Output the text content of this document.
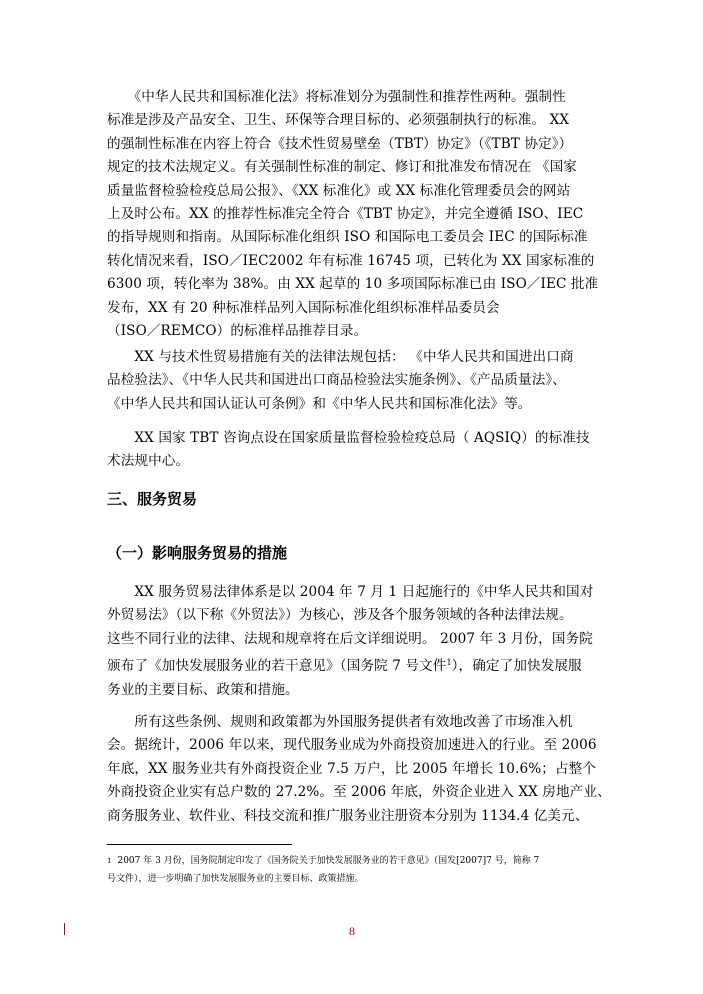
　　《中华人民共和国标准化法》将标准划分为强制性和推荐性两种。强制性
标准是涉及产品安全、卫生、环保等合理目标的、必须强制执行的标准。 XX
的强制性标准在内容上符合《技术性贸易壁垒（TBT）协定》（《TBT 协定》）
规定的技术法规定义。有关强制性标准的制定、修订和批准发布情况在 《国家
质量监督检验检疫总局公报》、《XX 标准化》或 XX 标准化管理委员会的网站
上及时公布。XX 的推荐性标准完全符合《TBT 协定》，并完全遵循 ISO、IEC
的指导规则和指南。从国际标准化组织 ISO 和国际电工委员会 IEC 的国际标准
转化情况来看，ISO／IEC2002 年有标准 16745 项，已转化为 XX 国家标准的
6300 项，转化率为 38%。由 XX 起草的 10 多项国际标准已由 ISO／IEC 批准
发布，XX 有 20 种标准样品列入国际标准化组织标准样品委员会
（ISO／REMCO）的标准样品推荐目录。

　　XX 与技术性贸易措施有关的法律法规包括： 《中华人民共和国进出口商
品检验法》、《中华人民共和国进出口商品检验法实施条例》、《产品质量法》、
《中华人民共和国认证认可条例》和《中华人民共和国标准化法》等。

　　XX 国家 TBT 咨询点设在国家质量监督检验检疫总局（ AQSIQ）的标准技
术法规中心。

三、服务贸易
（一）影响服务贸易的措施

　　XX 服务贸易法律体系是以 2004 年 7 月 1 日起施行的《中华人民共和国对
外贸易法》（以下称《外贸法》）为核心，涉及各个服务领域的各种法律法规。
这些不同行业的法律、法规和规章将在后文详细说明。 2007 年 3 月份，国务院
颁布了《加快发展服务业的若干意见》（国务院 7 号文件$^1$），确定了加快发展服
务业的主要目标、政策和措施。

　　所有这些条例、规则和政策都为外国服务提供者有效地改善了市场准入机
会。据统计，2006 年以来，现代服务业成为外商投资加速进入的行业。至 2006
年底，XX 服务业共有外商投资企业 7.5 万户，比 2005 年增长 10.6%；占整个
外商投资企业实有总户数的 27.2%。至 2006 年底，外资企业进入 XX 房地产业、
商务服务业、软件业、科技交流和推广服务业注册资本分别为 1134.4 亿美元、

$^1$ 2007 年 3 月份，国务院制定印发了《国务院关于加快发展服务业的若干意见》（国发[2007]7 号，简称 7
号文件），进一步明确了加快发展服务业的主要目标、政策措施。
8
